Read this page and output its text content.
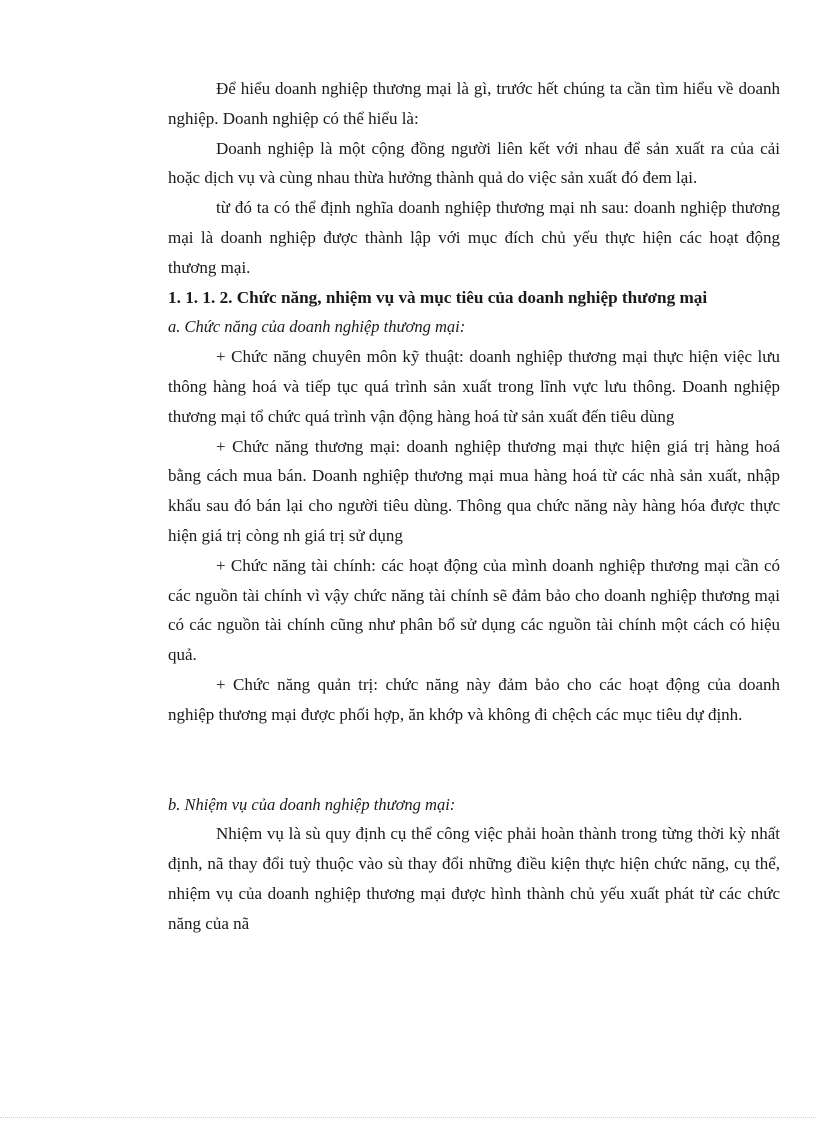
Để hiểu doanh nghiệp thương mại là gì, trước hết chúng ta cần tìm hiểu về doanh nghiệp. Doanh nghiệp có thể hiểu là:

Doanh nghiệp là một cộng đồng người liên kết với nhau để sản xuất ra của cải hoặc dịch vụ và cùng nhau thừa hưởng thành quả do việc sản xuất đó đem lại.

từ đó ta có thể định nghĩa doanh nghiệp thương mại nh sau: doanh nghiệp thương mại là doanh nghiệp được thành lập với mục đích chủ yếu thực hiện các hoạt động thương mại.

1. 1. 1. 2. Chức năng, nhiệm vụ và mục tiêu của doanh nghiệp thương mại

a. Chức năng của doanh nghiệp thương mại:

+ Chức năng chuyên môn kỹ thuật: doanh nghiệp thương mại thực hiện việc lưu thông hàng hoá và tiếp tục quá trình sản xuất trong lĩnh vực lưu thông. Doanh nghiệp thương mại tổ chức quá trình vận động hàng hoá từ sản xuất đến tiêu dùng

+ Chức năng thương mại: doanh nghiệp thương mại thực hiện giá trị hàng hoá bằng cách mua bán. Doanh nghiệp thương mại mua hàng hoá từ các nhà sản xuất, nhập khẩu sau đó bán lại cho người tiêu dùng. Thông qua chức năng này hàng hóa được thực hiện giá trị còng nh giá trị sử dụng

+ Chức năng tài chính: các hoạt động của mình doanh nghiệp thương mại cần có các nguồn tài chính vì vậy chức năng tài chính sẽ đảm bảo cho doanh nghiệp thương mại có các nguồn tài chính cũng như phân bổ sử dụng các nguồn tài chính một cách có hiệu quả.

+ Chức năng quản trị: chức năng này đảm bảo cho các hoạt động của doanh nghiệp thương mại được phối hợp, ăn khớp và không đi chệch các mục tiêu dự định.

b. Nhiệm vụ của doanh nghiệp thương mại:

Nhiệm vụ là sù quy định cụ thể công việc phải hoàn thành trong từng thời kỳ nhất định, nã thay đổi tuỳ thuộc vào sù thay đổi những điều kiện thực hiện chức năng, cụ thể, nhiệm vụ của doanh nghiệp thương mại được hình thành chủ yếu xuất phát từ các chức năng của nã
